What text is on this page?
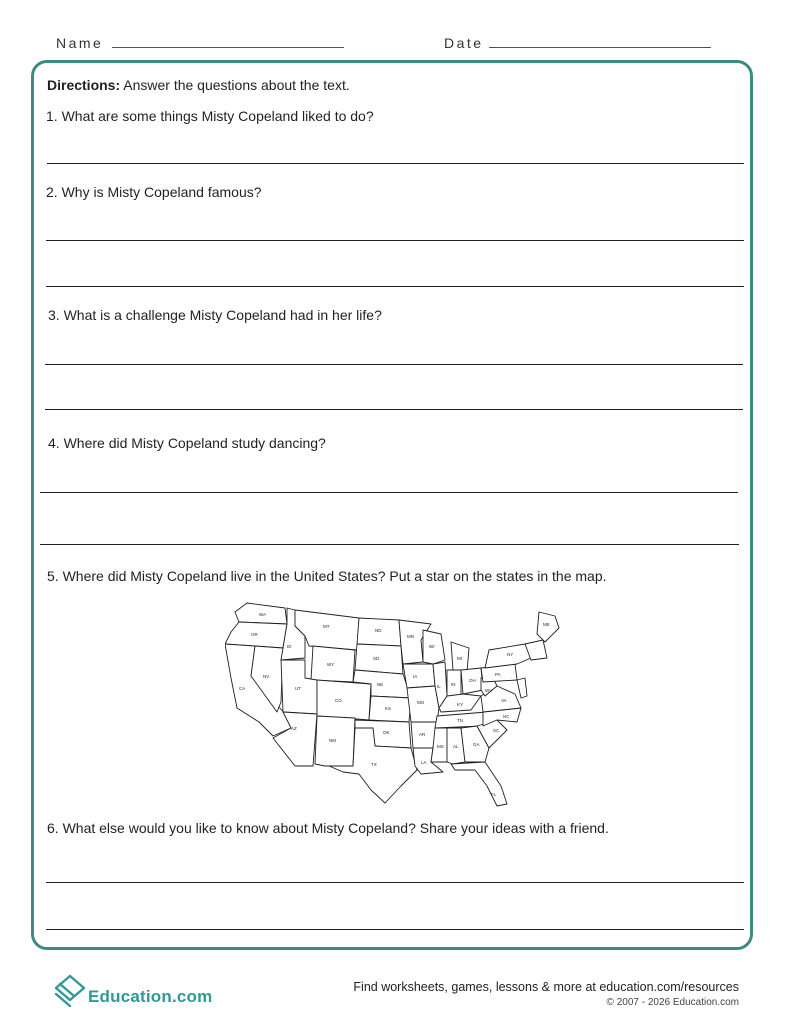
Name	Date
Directions: Answer the questions about the text.
1. What are some things Misty Copeland liked to do?
2. Why is Misty Copeland famous?
3. What is a challenge Misty Copeland had in her life?
4. Where did Misty Copeland study dancing?
5. Where did Misty Copeland live in the United States? Put a star on the states in the map.
WA
OR
CA
NV
ID
MT
WY
UT
AZ
CO
NM
ND
SD
NE
KS
OK
TX
MN
IA
MO
AR
LA
WI
IL
MI
IN
OH
KY
TN
MS AL	GA
FL
SC
NC
VA
WV
PA
NY
ME
6. What else would you like to know about Misty Copeland? Share your ideas with a friend.
Education.com	Find worksheets, games, lessons & more at education.com/resources
© 2007 - 2026 Education.com
